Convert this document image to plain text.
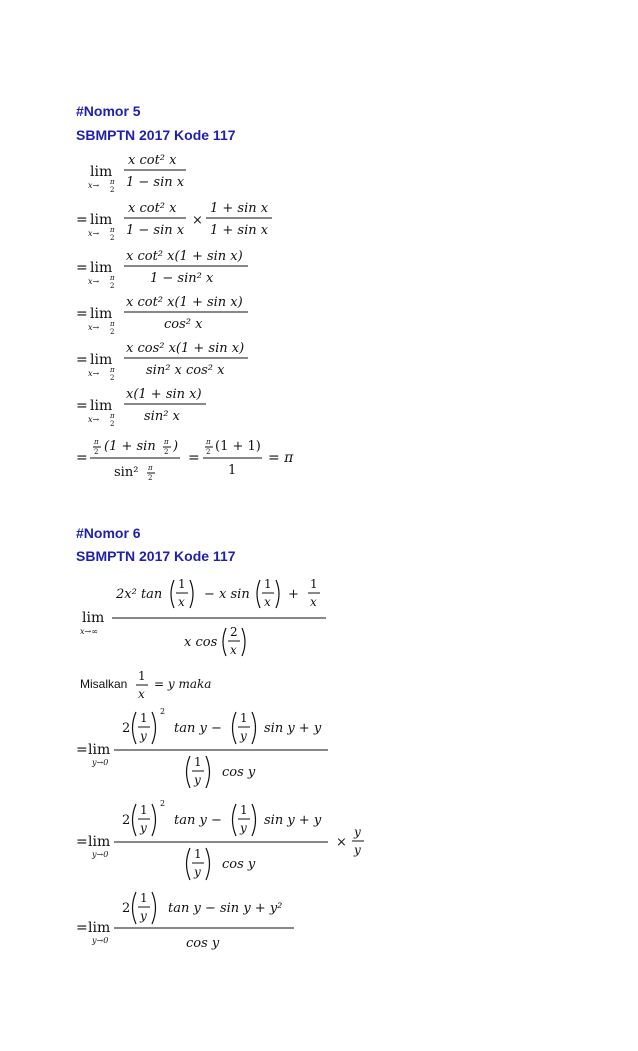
#Nomor 5
SBMPTN 2017 Kode 117
lim
x→ π
2
x cot² x
1 − sin x
= lim
x→ π
2
x cot² x
1 − sin x
×
1 + sin x
1 + sin x
= lim
x→ π
2
x cot² x(1 + sin x)
1 − sin² x
= lim
x→ π
2
x cot² x(1 + sin x)
cos² x
= lim
x→ π
2
x cos² x(1 + sin x)
sin² x cos² x
= lim
x→ π
2
x(1 + sin x)
sin² x
=
π
2 (1 + sin π
2 )
sin² π
2
=
π
2 (1 + 1)
1
= π
#Nomor 6
SBMPTN 2017 Kode 117
lim
x→∞
2x² tan
1
x − x sin
1
x +
1
x
x cos
2
x
Misalkan
1
x
= y maka
= lim
y→0
2
1
y
2
tan y −
1
y sin y + y
1
y cos y
= lim
y→0
2
1
y
2
tan y −
1
y sin y + y
1
y cos y
×
y
y
= lim
y→0
2
1
y tan y − sin y + y²
cos y
